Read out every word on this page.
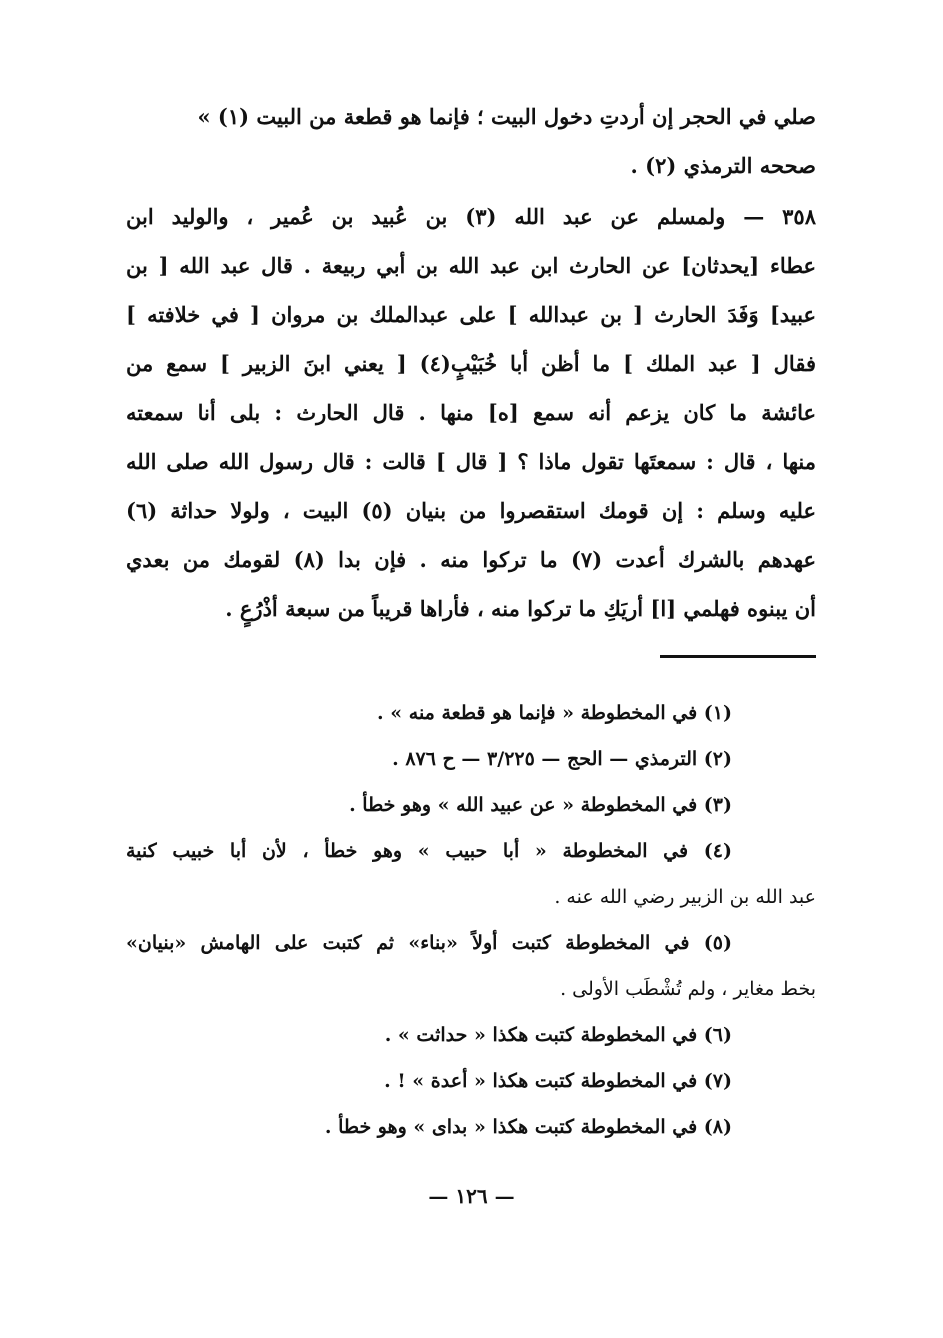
صلي في الحجر إن أردتِ دخول البيت ؛ فإنما هو قطعة من البيت (١) »
صححه الترمذي (٢) .
٣٥٨ — ولمسلم عن عبد الله (٣) بن عُبيد بن عُمير ، والوليد ابن
عطاء [يحدثان] عن الحارث ابن عبد الله بن أبي ربيعة . قال عبد الله [ بن
عبيد] وَفَدَ الحارث [ بن عبدالله ] على عبدالملك بن مروان [ في خلافته ]
فقال [ عبد الملك ] ما أظن أبا خُبَيْبٍ(٤) [ يعني ابنَ الزبير ] سمع من
عائشة ما كان يزعم أنه سمع [ه] منها . قال الحارث : بلى أنا سمعته
منها ، قال : سمعتَها تقول ماذا ؟ [ قال ] قالت : قال رسول الله صلى الله
عليه وسلم : إن قومك استقصروا من بنيان (٥) البيت ، ولولا حداثة (٦)
عهدهم بالشرك أعدت (٧) ما تركوا منه . فإن بدا (٨) لقومك من بعدي
أن يبنوه فهلمي [ا] أريَكِ ما تركوا منه ، فأراها قريباً من سبعة أذْرُعٍ .
(١) في المخطوطة « فإنما هو قطعة منه » .
(٢) الترمذي — الحج — ٣/٢٢٥ — ح ٨٧٦ .
(٣) في المخطوطة « عن عبيد الله » وهو خطأ .
(٤) في المخطوطة « أبا حبيب » وهو خطأ ، لأن أبا خبيب كنية
عبد الله بن الزبير رضي الله عنه .
(٥) في المخطوطة كتبت أولاً «بناء» ثم كتبت على الهامش «بنيان»
بخط مغاير ، ولم تُشْطَب الأولى .
(٦) في المخطوطة كتبت هكذا « حداثت » .
(٧) في المخطوطة كتبت هكذا « أعدة » ! .
(٨) في المخطوطة كتبت هكذا « بداى » وهو خطأ .
— ١٢٦ —
